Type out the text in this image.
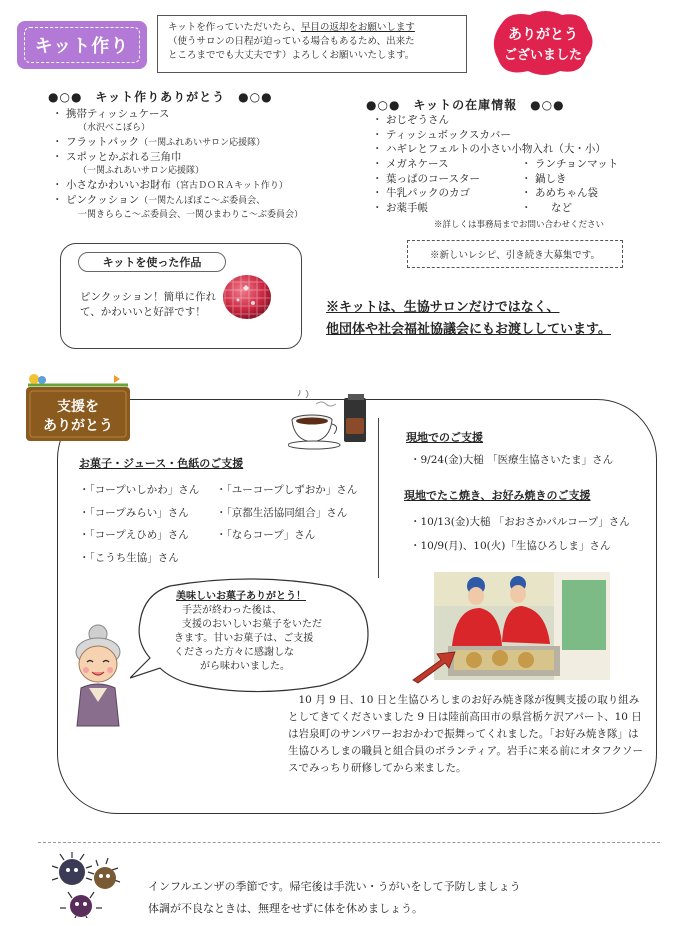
キット作り
キットを作っていただいたら、早目の返却をお願いします
（使うサロンの日程が迫っている場合もあるため、出来た
ところまででも大丈夫です）よろしくお願いいたします。
ありがとう
ございました
●○●　キット作りありがとう　●○●
・ 携帯ティッシュケース
（水沢べこぼら）
・ フラットパック（一関ふれあいサロン応援隊）
・ スポッとかぶれる三角巾
（一関ふれあいサロン応援隊）
・ 小さなかわいいお財布（宮古ＤＯＲＡキット作り）
・ ピンクッション（一関たんぽぽこ～ぶ委員会、
一関きららこ～ぶ委員会、一関ひまわりこ～ぶ委員会）
●○●　キットの在庫情報　●○●
・ おじぞうさん
・ ティッシュボックスカバー
・ ハギレとフェルトの小さい小物入れ（大・小）
・ メガネケース
・ 葉っぱのコースター
・ 牛乳パックのカゴ
・ お薬手帳
・ ランチョンマット
・ 鍋しき
・ あめちゃん袋
・ など
※詳しくは事務局までお問い合わせください
キットを使った作品
ピンクッション！簡単に作れて、かわいいと好評です！
※新しいレシピ、引き続き大募集です。
※キットは、生協サロンだけではなく、
他団体や社会福祉協議会にもお渡ししています。
支援を
ありがとう
お菓子・ジュース・色紙のご支援
・「コープいしかわ」さん
・「コープみらい」さん
・「コープえひめ」さん
・「こうち生協」さん
・「ユーコープしずおか」さん
・「京都生活協同組合」さん
・「ならコープ」さん
現地でのご支援
・9/24(金)大槌 「医療生協さいたま」さん
現地でたこ焼き、お好み焼きのご支援
・10/13(金)大槌 「おおさかパルコープ」さん
・10/9(月)、10(火)「生協ひろしま」さん
美味しいお菓子ありがとう！
手芸が終わった後は、
支援のおいしいお菓子をいただ
きます。甘いお菓子は、ご支援
くださった方々に感謝しな
がら味わいました。
10 月 9 日、10 日と生協ひろしまのお好み焼き隊が復興支援の取り組みとしてきてくださいました 9 日は陸前高田市の県営栃ケ沢アパート、10 日は岩泉町のサンパワーおおかわで振舞ってくれました。「お好み焼き隊」は生協ひろしまの職員と組合員のボランティア。岩手に来る前にオタフクソースでみっちり研修してから来ました。
インフルエンザの季節です。帰宅後は手洗い・うがいをして予防しましょう
体調が不良なときは、無理をせずに体を休めましょう。
